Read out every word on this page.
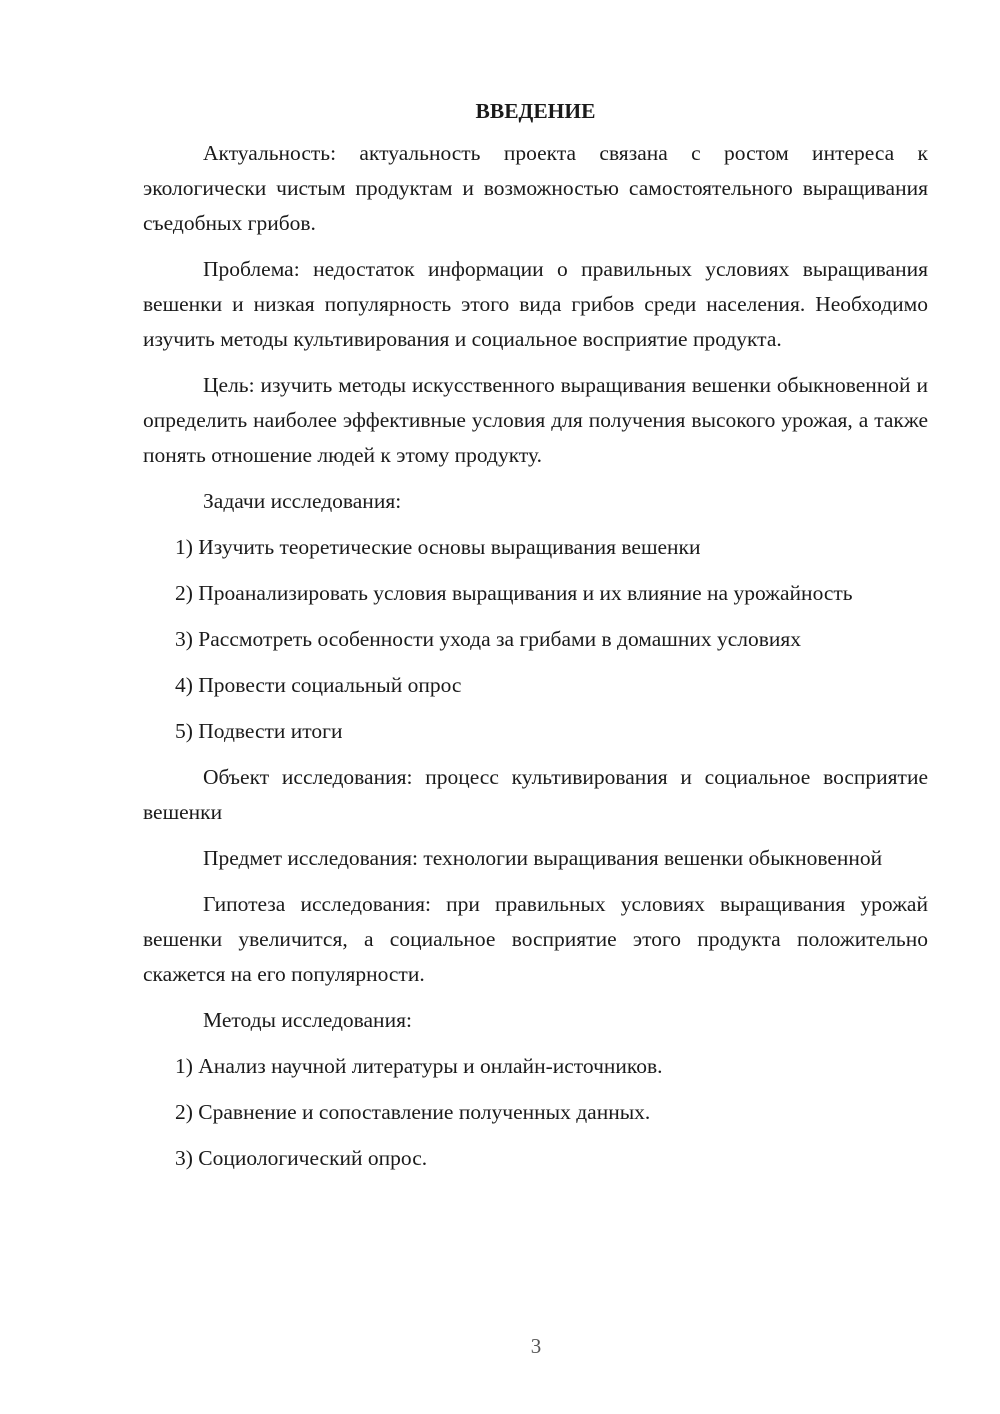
ВВЕДЕНИЕ

Актуальность: актуальность проекта связана с ростом интереса к экологически чистым продуктам и возможностью самостоятельного выращивания съедобных грибов.

Проблема: недостаток информации о правильных условиях выращивания вешенки и низкая популярность этого вида грибов среди населения. Необходимо изучить методы культивирования и социальное восприятие продукта.

Цель: изучить методы искусственного выращивания вешенки обыкновенной и определить наиболее эффективные условия для получения высокого урожая, а также понять отношение людей к этому продукту.

Задачи исследования:

1) Изучить теоретические основы выращивания вешенки

2) Проанализировать условия выращивания и их влияние на урожайность

3) Рассмотреть особенности ухода за грибами в домашних условиях

4) Провести социальный опрос

5) Подвести итоги

Объект исследования: процесс культивирования и социальное восприятие вешенки

Предмет исследования: технологии выращивания вешенки обыкновенной

Гипотеза исследования: при правильных условиях выращивания урожай вешенки увеличится, а социальное восприятие этого продукта положительно скажется на его популярности.

Методы исследования:

1) Анализ научной литературы и онлайн-источников.

2) Сравнение и сопоставление полученных данных.

3) Социологический опрос.

3
